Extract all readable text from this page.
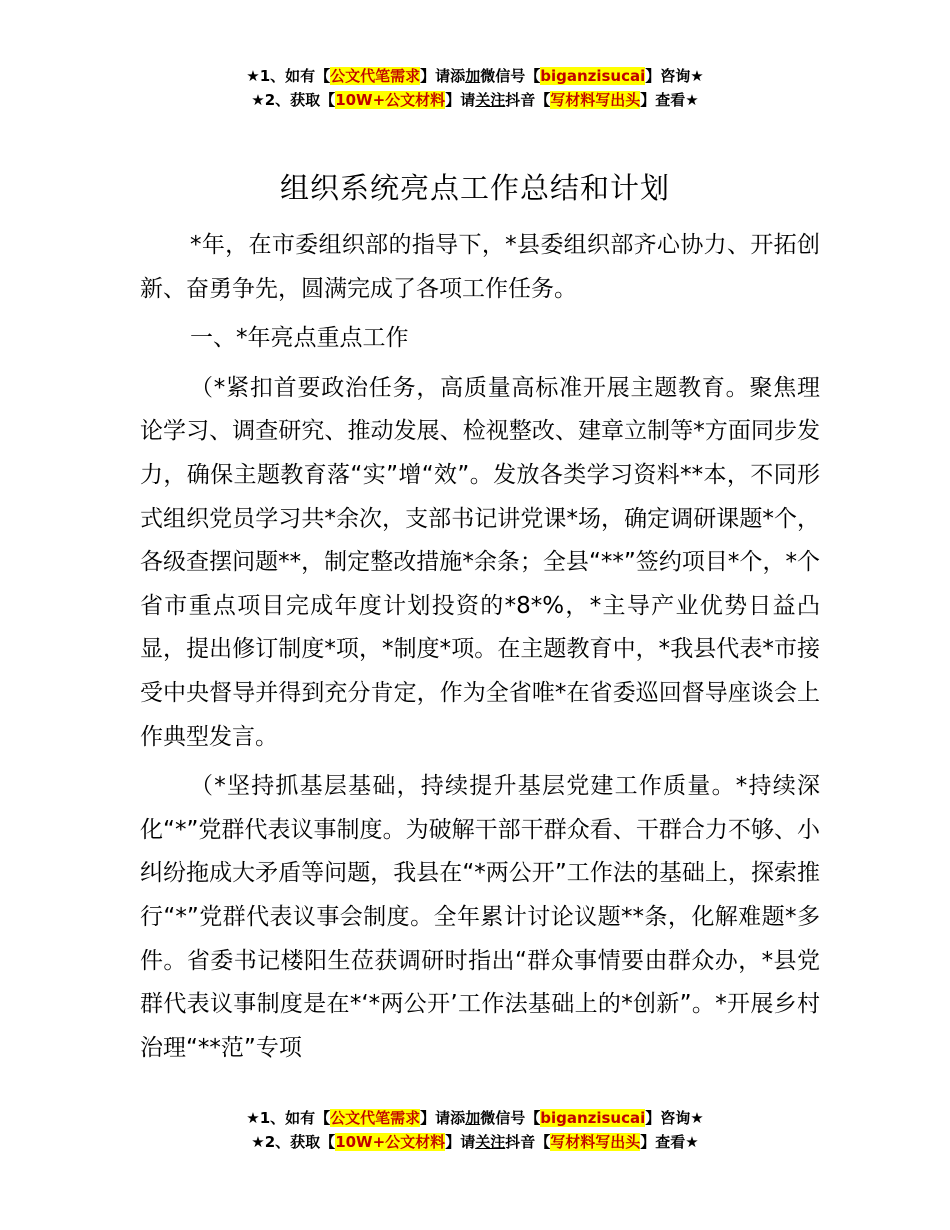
★1、如有【公文代笔需求】请添加微信号【biganzisucai】咨询★
★2、获取【10W+公文材料】请关注抖音【写材料写出头】查看★
组织系统亮点工作总结和计划

*年，在市委组织部的指导下，*县委组织部齐心协力、开拓创新、奋勇争先，圆满完成了各项工作任务。

一、*年亮点重点工作

（*紧扣首要政治任务，高质量高标准开展主题教育。聚焦理论学习、调查研究、推动发展、检视整改、建章立制等*方面同步发力，确保主题教育落“实”增“效”。发放各类学习资料**本，不同形式组织党员学习共*余次，支部书记讲党课*场，确定调研课题*个，各级查摆问题**，制定整改措施*余条；全县“**”签约项目*个，*个省市重点项目完成年度计划投资的*8*%，*主导产业优势日益凸显，提出修订制度*项，*制度*项。在主题教育中，*我县代表*市接受中央督导并得到充分肯定，作为全省唯*在省委巡回督导座谈会上作典型发言。

（*坚持抓基层基础，持续提升基层党建工作质量。*持续深化“*”党群代表议事制度。为破解干部干群众看、干群合力不够、小纠纷拖成大矛盾等问题，我县在“*两公开”工作法的基础上，探索推行“*”党群代表议事会制度。全年累计讨论议题**条，化解难题*多件。省委书记楼阳生莅获调研时指出“群众事情要由群众办，*县党群代表议事制度是在*‘*两公开’工作法基础上的*创新”。*开展乡村治理“**范”专项

★1、如有【公文代笔需求】请添加微信号【biganzisucai】咨询★
★2、获取【10W+公文材料】请关注抖音【写材料写出头】查看★
